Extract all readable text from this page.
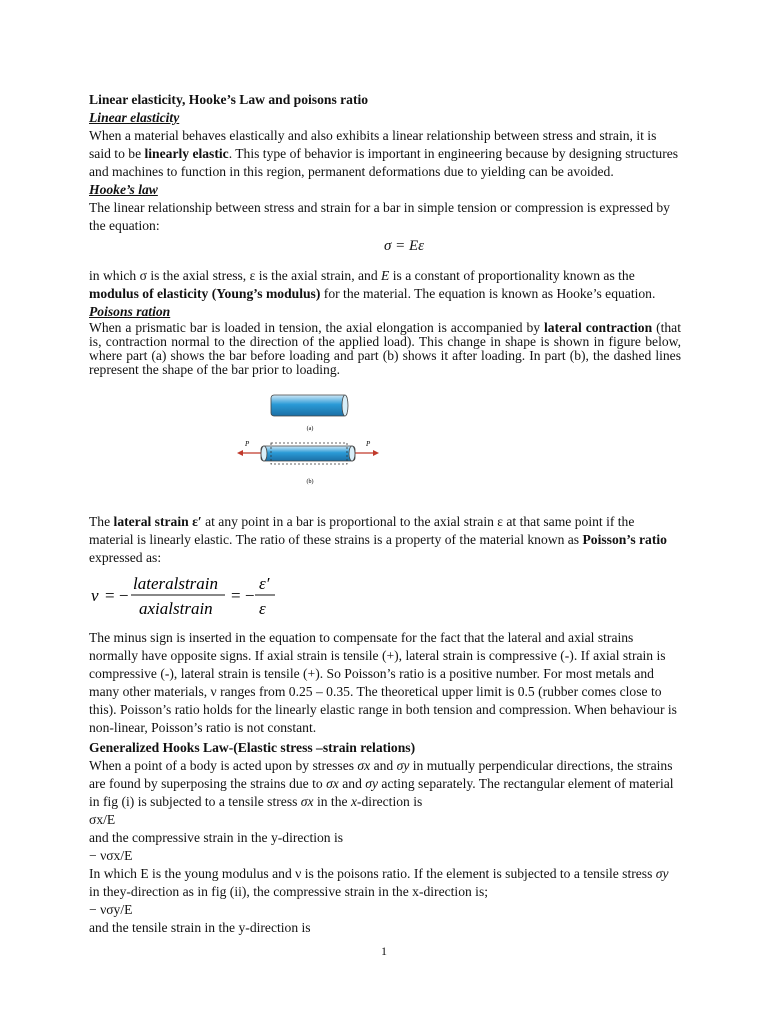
Linear elasticity, Hooke’s Law and poisons ratio

Linear elasticity

When a material behaves elastically and also exhibits a linear relationship between stress and strain, it is said to be linearly elastic. This type of behavior is important in engineering because by designing structures and machines to function in this region, permanent deformations due to yielding can be avoided.

Hooke’s law

The linear relationship between stress and strain for a bar in simple tension or compression is expressed by the equation:

σ = Eε

in which σ is the axial stress, ε is the axial strain, and E is a constant of proportionality known as the modulus of elasticity (Young’s modulus) for the material. The equation is known as Hooke’s equation.

Poisons ration

When a prismatic bar is loaded in tension, the axial elongation is accompanied by lateral contraction (that is, contraction normal to the direction of the applied load). This change in shape is shown in figure below, where part (a) shows the bar before loading and part (b) shows it after loading. In part (b), the dashed lines represent the shape of the bar prior to loading.

(a)
P	P
(b)

The lateral strain ε′ at any point in a bar is proportional to the axial strain ε at that same point if the material is linearly elastic. The ratio of these strains is a property of the material known as Poisson’s ratio expressed as:

ν = −
lateralstrain
axialstrain
= −
ε′
ε

The minus sign is inserted in the equation to compensate for the fact that the lateral and axial strains normally have opposite signs. If axial strain is tensile (+), lateral strain is compressive (-). If axial strain is compressive (-), lateral strain is tensile (+). So Poisson’s ratio is a positive number. For most metals and many other materials, ν ranges from 0.25 – 0.35. The theoretical upper limit is 0.5 (rubber comes close to this). Poisson’s ratio holds for the linearly elastic range in both tension and compression. When behaviour is non-linear, Poisson’s ratio is not constant.

Generalized Hooks Law-(Elastic stress –strain relations)

When a point of a body is acted upon by stresses σx and σy in mutually perpendicular directions, the strains are found by superposing the strains due to σx and σy acting separately. The rectangular element of material in fig (i) is subjected to a tensile stress σx in the x-direction is

σx/E

and the compressive strain in the y-direction is

− νσx/E

In which E is the young modulus and ν is the poisons ratio. If the element is subjected to a tensile stress σy in they-direction as in fig (ii), the compressive strain in the x-direction is;

− νσy/E

and the tensile strain in the y-direction is

1
